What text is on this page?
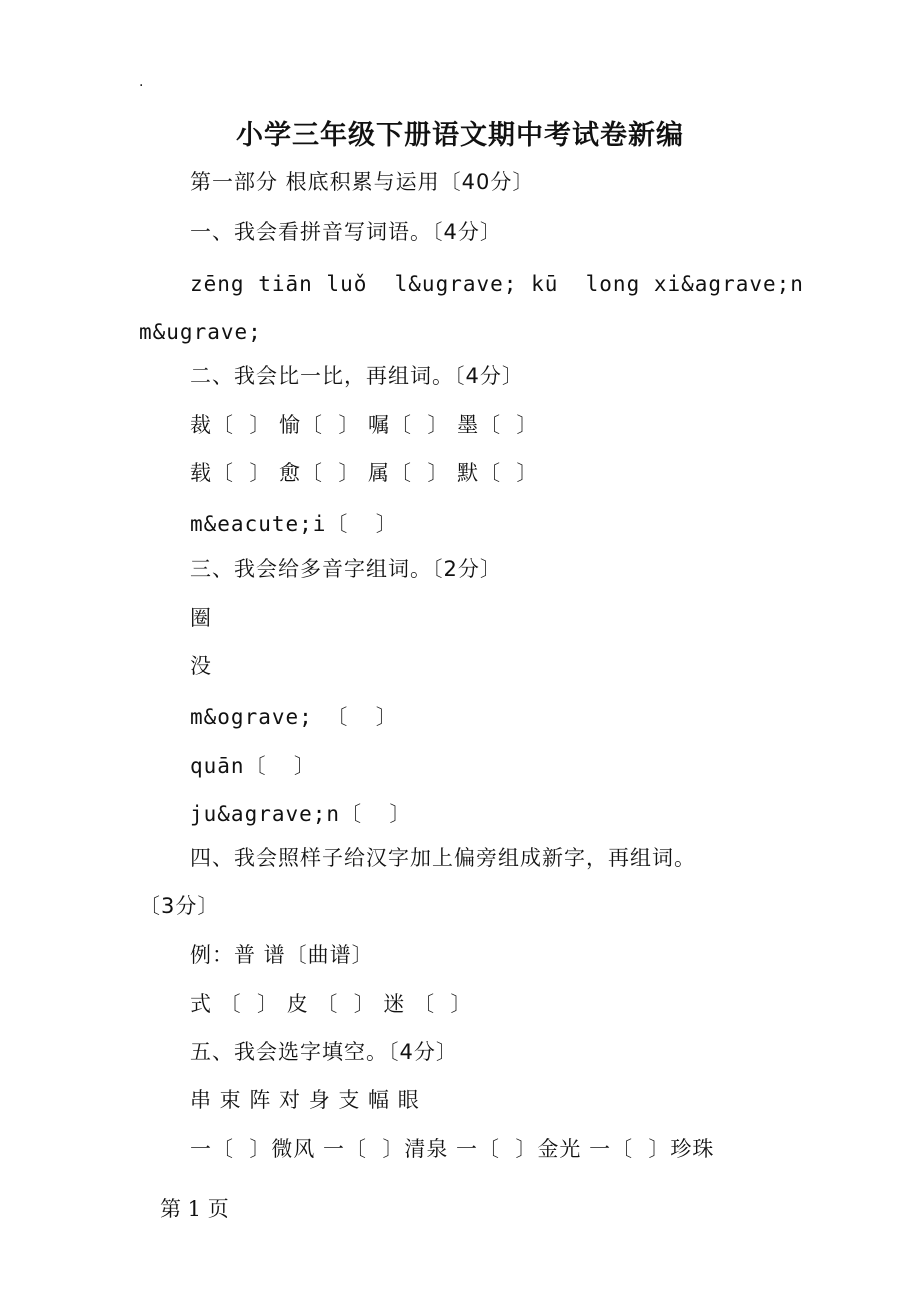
·
小学三年级下册语文期中考试卷新编
第一部分 根底积累与运用〔40分〕
一、我会看拼音写词语。〔4分〕
zēng tiān luǒ  l&ugrave; kū  long xi&agrave;n
m&ugrave;
二、我会比一比，再组词。〔4分〕
裁〔  〕 愉〔  〕 嘱〔  〕 墨〔  〕
载〔  〕 愈〔  〕 属〔  〕 默〔  〕
m&eacute;i〔  〕
三、我会给多音字组词。〔2分〕
圈
没
m&ograve; 〔  〕
quān〔  〕
ju&agrave;n〔  〕
四、我会照样子给汉字加上偏旁组成新字，再组词。
〔3分〕
例：普 谱〔曲谱〕
式 〔  〕 皮 〔  〕 迷 〔  〕
五、我会选字填空。〔4分〕
串 束 阵 对 身 支 幅 眼
一〔  〕微风 一〔  〕清泉 一〔  〕金光 一〔  〕珍珠
第 1 页
